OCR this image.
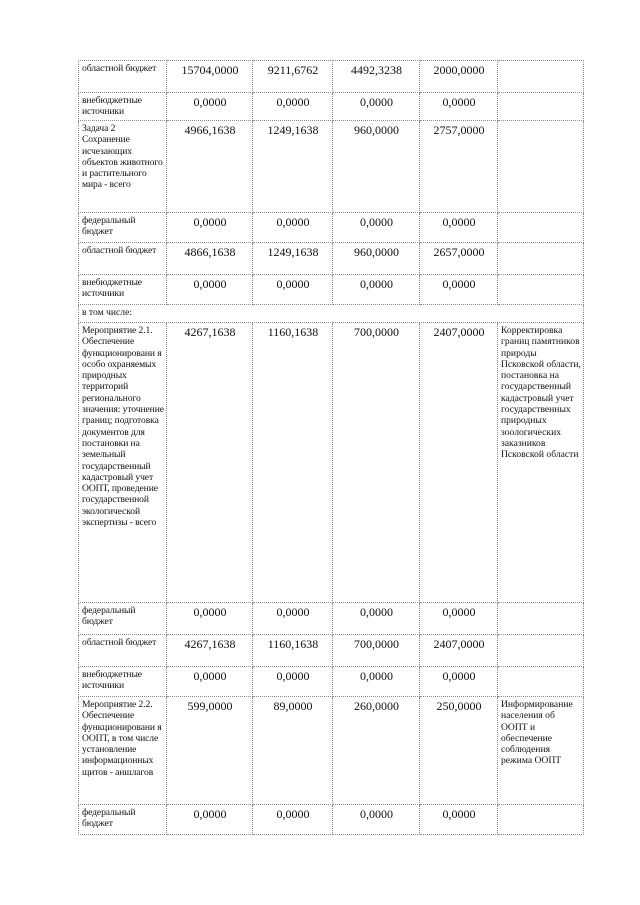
областной бюджет	15704,0000	9211,6762	4492,3238	2000,0000	
внебюджетные источники	0,0000	0,0000	0,0000	0,0000	
Задача 2 Сохранение исчезающих объектов животного и растительного мира - всего	4966,1638	1249,1638	960,0000	2757,0000	
федеральный бюджет	0,0000	0,0000	0,0000	0,0000	
областной бюджет	4866,1638	1249,1638	960,0000	2657,0000	
внебюджетные источники	0,0000	0,0000	0,0000	0,0000	
в том числе:					
Мероприятие 2.1. Обеспечение функционировани я особо охраняемых природных территорий регионального значения: уточнение границ; подготовка документов для постановки на земельный государственный кадастровый учет ООПТ, проведение государственной экологической экспертизы - всего	4267,1638	1160,1638	700,0000	2407,0000	Корректировка границ памятников природы Псковской области, постановка на государственный кадастровый учет государственных природных зоологических заказников Псковской области
федеральный бюджет	0,0000	0,0000	0,0000	0,0000	
областной бюджет	4267,1638	1160,1638	700,0000	2407,0000	
внебюджетные источники	0,0000	0,0000	0,0000	0,0000	
Мероприятие 2.2. Обеспечение функционировани я ООПТ, в том числе установление информационных щитов - аншлагов	599,0000	89,0000	260,0000	250,0000	Информирование населения об ООПТ и обеспечение соблюдения режима ООПТ
федеральный бюджет	0,0000	0,0000	0,0000	0,0000	
